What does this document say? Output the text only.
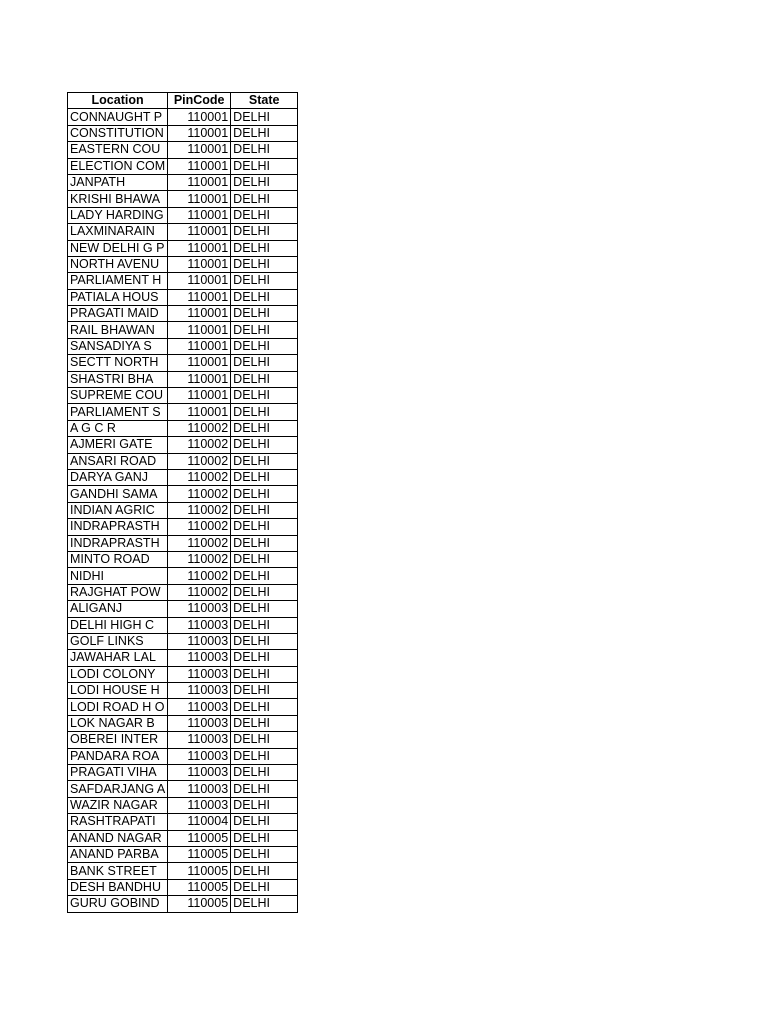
Location	PinCode	State
CONNAUGHT P	110001	DELHI
CONSTITUTION	110001	DELHI
EASTERN COU	110001	DELHI
ELECTION COM	110001	DELHI
JANPATH	110001	DELHI
KRISHI BHAWA	110001	DELHI
LADY HARDING	110001	DELHI
LAXMINARAIN	110001	DELHI
NEW DELHI G P	110001	DELHI
NORTH AVENU	110001	DELHI
PARLIAMENT H	110001	DELHI
PATIALA HOUS	110001	DELHI
PRAGATI MAID	110001	DELHI
RAIL BHAWAN	110001	DELHI
SANSADIYA S	110001	DELHI
SECTT NORTH	110001	DELHI
SHASTRI BHA	110001	DELHI
SUPREME COU	110001	DELHI
PARLIAMENT S	110001	DELHI
A G C R	110002	DELHI
AJMERI GATE	110002	DELHI
ANSARI ROAD	110002	DELHI
DARYA GANJ	110002	DELHI
GANDHI SAMA	110002	DELHI
INDIAN AGRIC	110002	DELHI
INDRAPRASTH	110002	DELHI
INDRAPRASTH	110002	DELHI
MINTO ROAD	110002	DELHI
NIDHI	110002	DELHI
RAJGHAT POW	110002	DELHI
ALIGANJ	110003	DELHI
DELHI HIGH C	110003	DELHI
GOLF LINKS	110003	DELHI
JAWAHAR LAL	110003	DELHI
LODI COLONY	110003	DELHI
LODI HOUSE H	110003	DELHI
LODI ROAD H O	110003	DELHI
LOK NAGAR B	110003	DELHI
OBEREI INTER	110003	DELHI
PANDARA ROA	110003	DELHI
PRAGATI VIHA	110003	DELHI
SAFDARJANG A	110003	DELHI
WAZIR NAGAR	110003	DELHI
RASHTRAPATI	110004	DELHI
ANAND NAGAR	110005	DELHI
ANAND PARBA	110005	DELHI
BANK STREET	110005	DELHI
DESH BANDHU	110005	DELHI
GURU GOBIND	110005	DELHI
